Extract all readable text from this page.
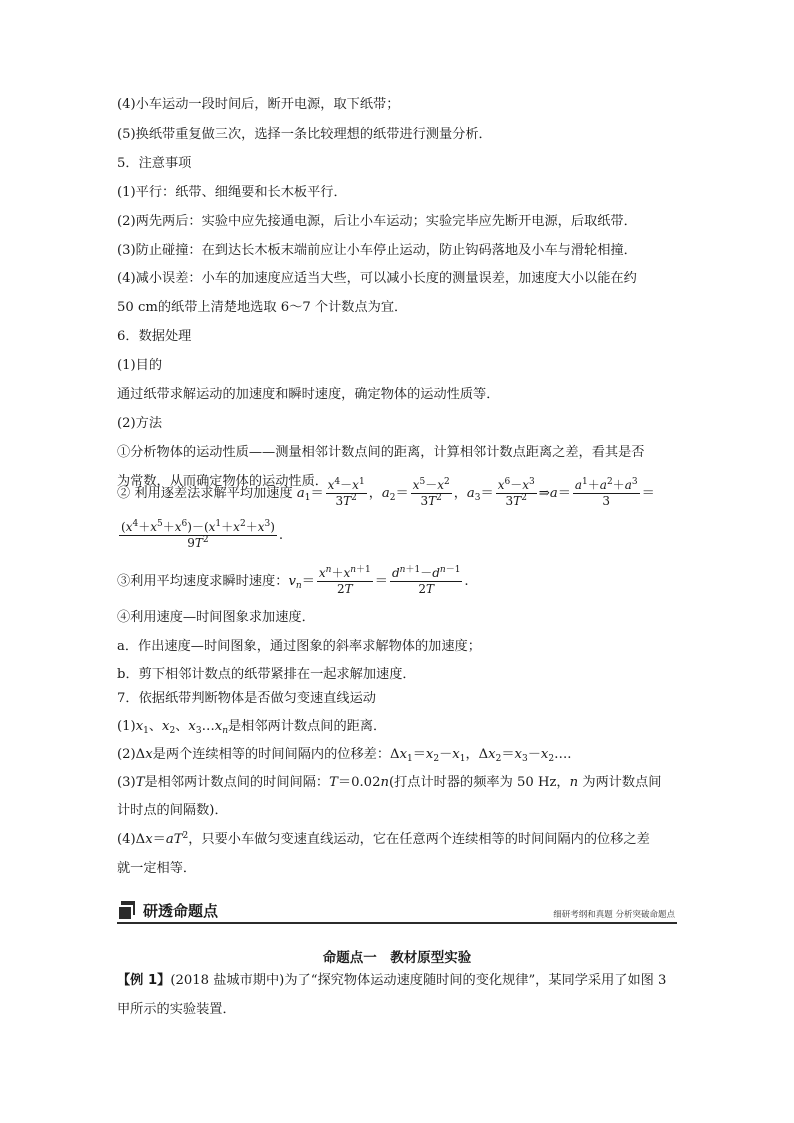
(4)小车运动一段时间后，断开电源，取下纸带；
(5)换纸带重复做三次，选择一条比较理想的纸带进行测量分析．
5．注意事项
(1)平行：纸带、细绳要和长木板平行．
(2)两先两后：实验中应先接通电源，后让小车运动；实验完毕应先断开电源，后取纸带．
(3)防止碰撞：在到达长木板末端前应让小车停止运动，防止钩码落地及小车与滑轮相撞．
(4)减小误差：小车的加速度应适当大些，可以减小长度的测量误差，加速度大小以能在约
50 cm的纸带上清楚地选取 6～7 个计数点为宜．
6．数据处理
(1)目的
通过纸带求解运动的加速度和瞬时速度，确定物体的运动性质等．
(2)方法
①分析物体的运动性质——测量相邻计数点间的距离，计算相邻计数点距离之差，看其是否
为常数，从而确定物体的运动性质．
② 利用逐差法求解平均加速度 $a_1= \frac{x^4-x^1}{3T^2}$ ，$a_2= \frac{x^5-x^2}{3T^2}$ ，$a_3= \frac{x^6-x^3}{3T^2}$ ⇒a＝ $\frac{a^1+a^2+a^3}{3}$ ＝
$\frac{(x^4+x^5+x^6)-(x^1+x^2+x^3)}{9T^2}$ .
③利用平均速度求瞬时速度：$v_n= \frac{x^n+x^{n+1}}{2T} = \frac{d^{n+1}-d^{n-1}}{2T}$ .
④利用速度—时间图象求加速度．
a．作出速度—时间图象，通过图象的斜率求解物体的加速度；
b．剪下相邻计数点的纸带紧排在一起求解加速度．
7．依据纸带判断物体是否做匀变速直线运动
$(1)x_1$、$x_2$、$x_3\dots x_n$是相邻两计数点间的距离．
(2)Δx是两个连续相等的时间间隔内的位移差：$\Delta x_1=x_2-x_1$，$\Delta x_2=x_3-x_2\dots$.
(3)T是相邻两计数点间的时间间隔：T＝0.02n(打点计时器的频率为 50 Hz，n 为两计数点间
计时点的间隔数)．
$(4)\Delta x=aT^2$，只要小车做匀变速直线运动，它在任意两个连续相等的时间间隔内的位移之差
就一定相等．
研透命题点	细研考纲和真题 分析突破命题点
命题点一　教材原型实验
【例 1】(2018 盐城市期中)为了“探究物体运动速度随时间的变化规律”，某同学采用了如图 3
甲所示的实验装置．
